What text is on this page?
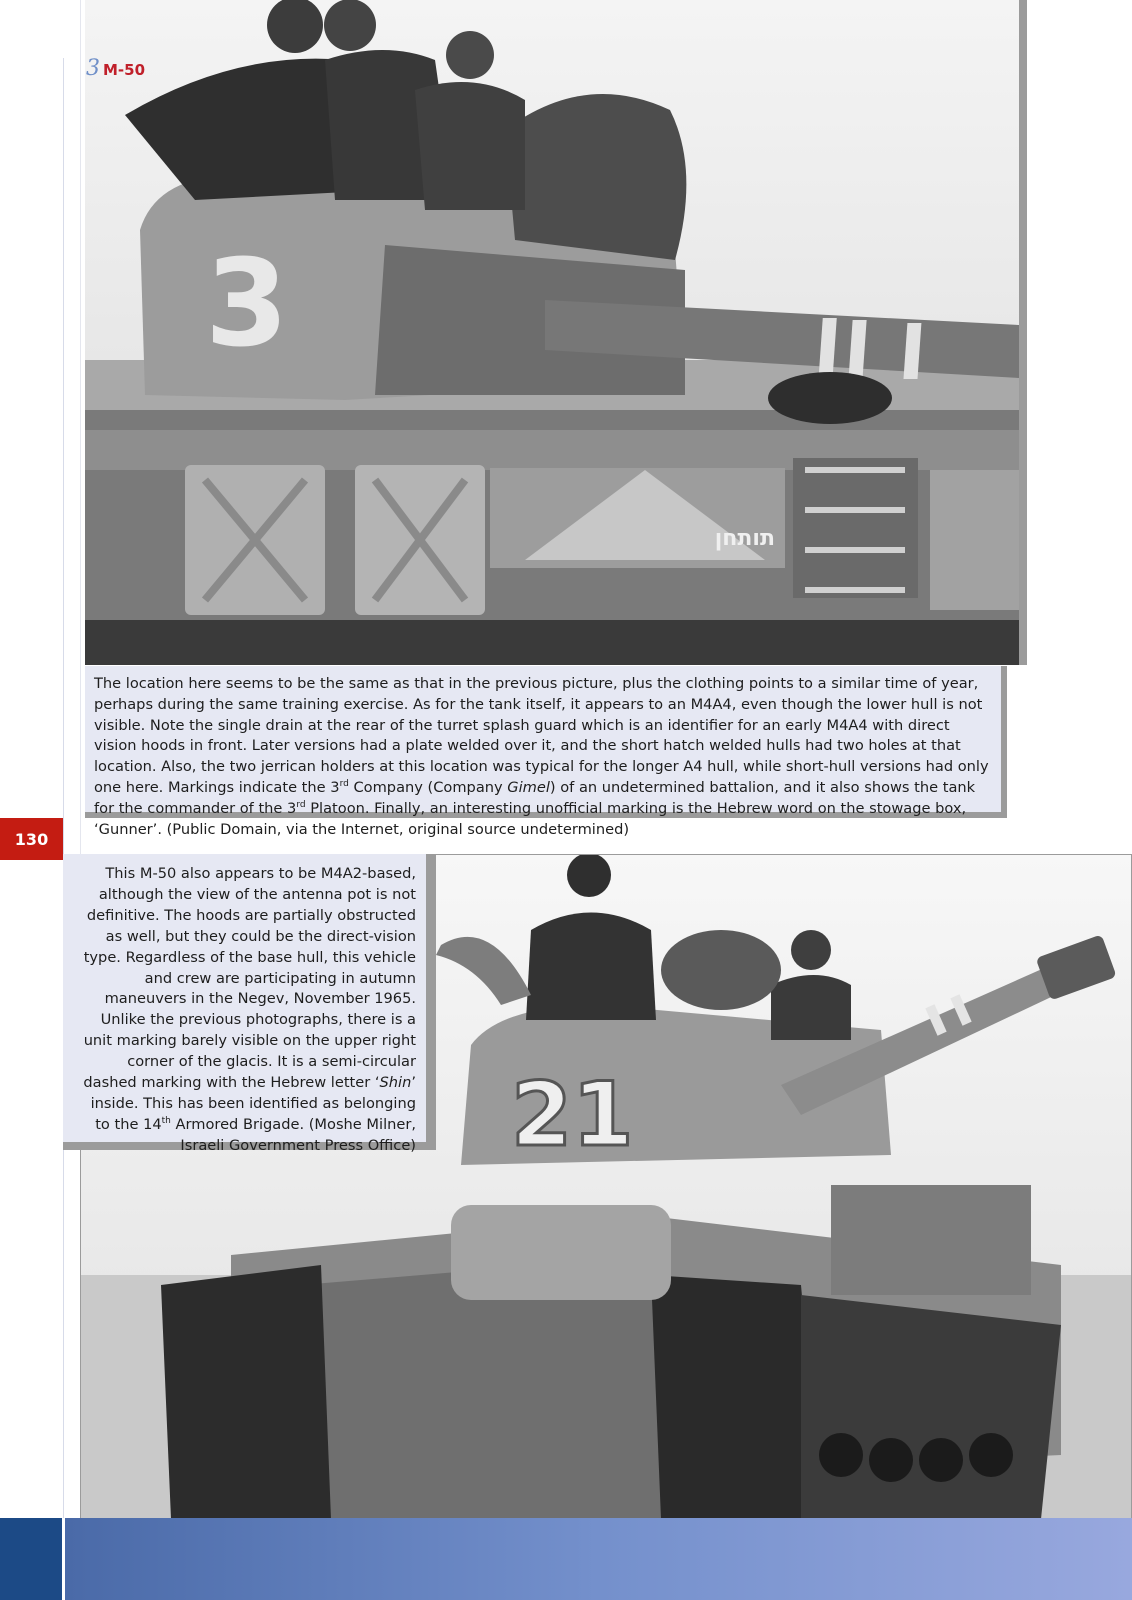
3
תותחן
3 M-50
The location here seems to be the same as that in the previous picture, plus the clothing points to a similar time of year, perhaps during the same training exercise. As for the tank itself, it appears to an M4A4, even though the lower hull is not visible. Note the single drain at the rear of the turret splash guard which is an identifier for an early M4A4 with direct vision hoods in front. Later versions had a plate welded over it, and the short hatch welded hulls had two holes at that location. Also, the two jerrican holders at this location was typical for the longer A4 hull, while short-hull versions had only one here. Markings indicate the 3rd Company (Company Gimel) of an undetermined battalion, and it also shows the tank for the commander of the 3rd Platoon. Finally, an interesting unofficial marking is the Hebrew word on the stowage box, ‘Gunner’. (Public Domain, via the Internet, original source undetermined)
130
21
This M-50 also appears to be M4A2-based, although the view of the antenna pot is not definitive. The hoods are partially obstructed as well, but they could be the direct-vision type. Regardless of the base hull, this vehicle and crew are participating in autumn maneuvers in the Negev, November 1965. Unlike the previous photographs, there is a unit marking barely visible on the upper right corner of the glacis. It is a semi-circular dashed marking with the Hebrew letter ‘Shin’ inside. This has been identified as belonging to the 14th Armored Brigade. (Moshe Milner, Israeli Government Press Office)
